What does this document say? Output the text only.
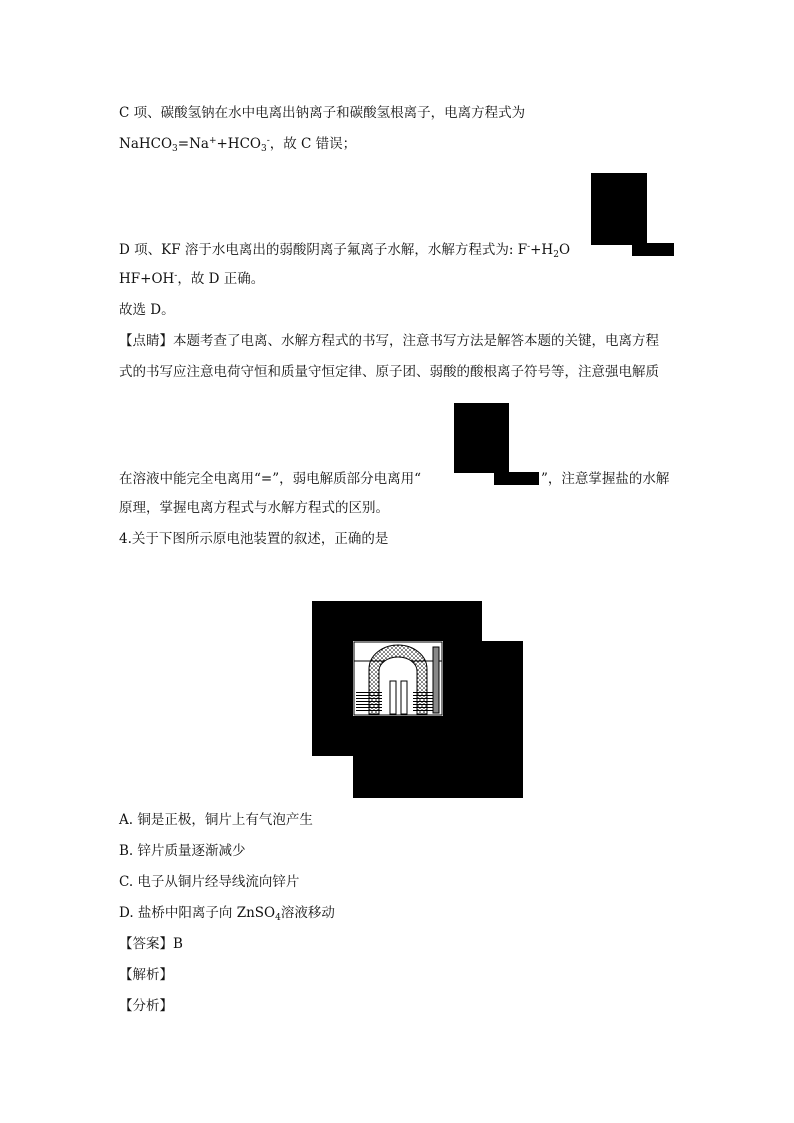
C 项、碳酸氢钠在水中电离出钠离子和碳酸氢根离子，电离方程式为
$NaHCO_3=Na^++HCO_3^-$，故 C 错误；
D 项、KF 溶于水电离出的弱酸阴离子氟离子水解，水解方程式为: $F^-+H_2O$
HF+OH-，故 D 正确。
故选 D。
【点睛】本题考查了电离、水解方程式的书写，注意书写方法是解答本题的关键，电离方程
式的书写应注意电荷守恒和质量守恒定律、原子团、弱酸的酸根离子符号等，注意强电解质
在溶液中能完全电离用“=”，弱电解质部分电离用“	”，注意掌握盐的水解
原理，掌握电离方程式与水解方程式的区别。
4.关于下图所示原电池装置的叙述，正确的是
A. 铜是正极，铜片上有气泡产生
B. 锌片质量逐渐减少
C. 电子从铜片经导线流向锌片
D. 盐桥中阳离子向 ZnSO$_4$溶液移动
【答案】B
【解析】
【分析】
